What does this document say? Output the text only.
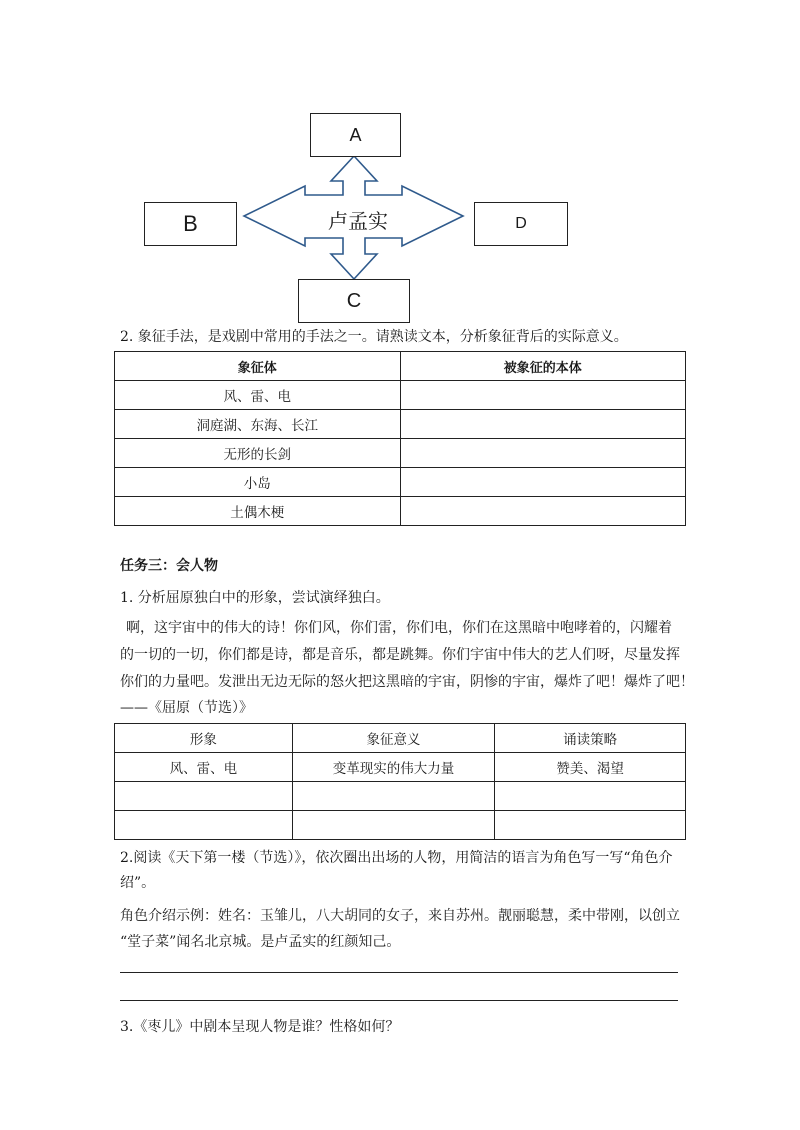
A
B
C
D
卢孟实
2. 象征手法，是戏剧中常用的手法之一。请熟读文本，分析象征背后的实际意义。
象征体	被象征的本体
风、雷、电	
洞庭湖、东海、长江	
无形的长剑	
小岛	
土偶木梗	
任务三：会人物
1. 分析屈原独白中的形象，尝试演绎独白。
啊，这宇宙中的伟大的诗！你们风，你们雷，你们电，你们在这黑暗中咆哮着的，闪耀着
的一切的一切，你们都是诗，都是音乐，都是跳舞。你们宇宙中伟大的艺人们呀，尽量发挥
你们的力量吧。发泄出无边无际的怒火把这黑暗的宇宙，阴惨的宇宙，爆炸了吧！爆炸了吧！
——《屈原（节选）》
形象	象征意义	诵读策略
风、雷、电	变革现实的伟大力量	赞美、渴望

2.阅读《天下第一楼（节选）》，依次圈出出场的人物，用简洁的语言为角色写一写“角色介
绍”。
角色介绍示例：姓名：玉雏儿，八大胡同的女子，来自苏州。靓丽聪慧，柔中带刚，以创立
“堂子菜”闻名北京城。是卢孟实的红颜知己。
3.《枣儿》中剧本呈现人物是谁？性格如何？
